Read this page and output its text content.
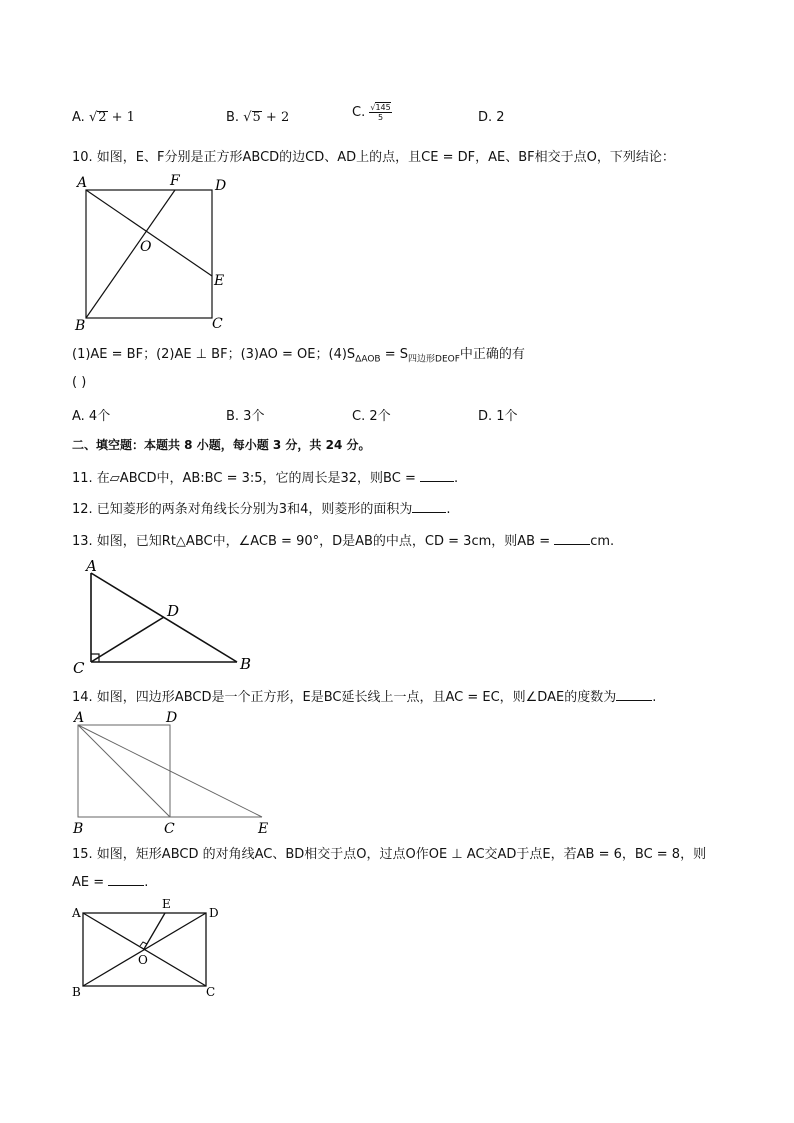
A. √2 + 1	B. √5 + 2	C. $\frac{√145}{5}$	D. 2
10. 如图，E、F分别是正方形ABCD的边CD、AD上的点，且CE = DF，AE、BF相交于点O，下列结论：
A	F	D
O
E
B	C
(1)AE = BF；(2)AE ⊥ BF；(3)AO = OE；$(4)S_{\Delta AOB} = S_{四边形DEOF}$中正确的有
( )
A. 4个	B. 3个	C. 2个	D. 1个
二、填空题：本题共 8 小题，每小题 3 分，共 24 分。
11. 在▱ABCD中，AB:BC = 3:5，它的周长是32，则BC =	.
12. 已知菱形的两条对角线长分别为3和4，则菱形的面积为	.
13. 如图，已知Rt△ABC中，∠ACB = 90°，D是AB的中点，CD = 3cm，则AB =	cm.
A
D
C	B
14. 如图，四边形ABCD是一个正方形，E是BC延长线上一点，且AC = EC，则∠DAE的度数为	.
A	D
B	C	E
15. 如图，矩形ABCD 的对角线AC、BD相交于点O，过点O作OE ⊥ AC交AD于点E，若AB = 6，BC = 8，则
AE =	.
A
E
D
O
B	C
